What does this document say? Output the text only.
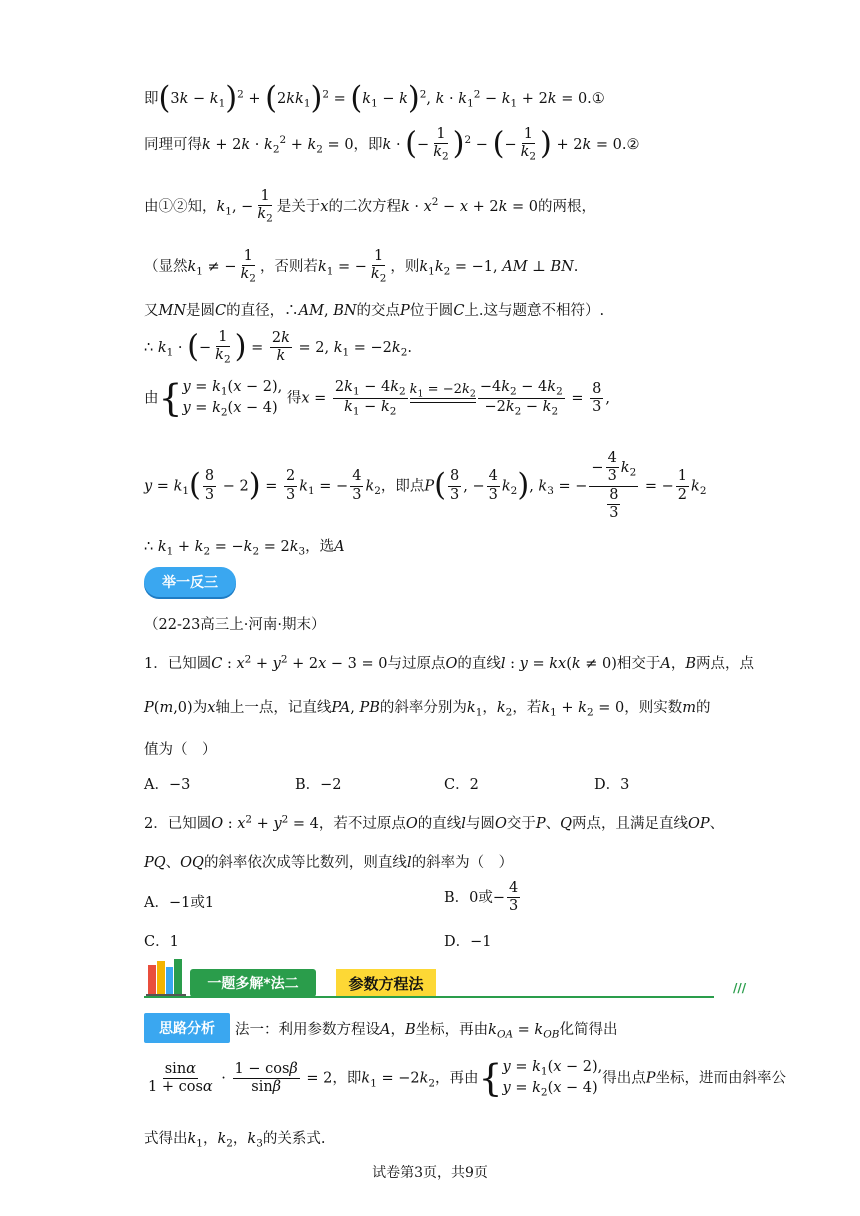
即$(3k - k_1)^2 + (2kk_1)^2 = (k_1 - k)^2$, $k \cdot k_1^2 - k_1 + 2k$ = 0.①
同理可得$k + 2k \cdot k_2^2 + k_2 = 0$，即k · (− $\frac{1}{k_2} )^2$ − (− $\frac{1}{k_2}$ ) + 2k = 0.②
由①②知，$k_1$, − $\frac{1}{k_2}$ 是关于x的二次方程$k \cdot x^2 - x + 2k = 0$的两根，
（显然$k_1$ ≠ − $\frac{1}{k_2}$ ，否则若$k_1$ = − $\frac{1}{k_2}$ ，则$k_1k_2 = -1$, AM ⊥ BN.
又MN是圆C的直径，∴AM, BN的交点P位于圆C上.这与题意不相符）.
∴ $k_1$ · (− $\frac{1}{k_2}$ ) = $\frac{2k}{k} = 2$, $k_1 = -2k_2$.
由{ $y = k_1(x - 2)$,
$y = k_2(x - 4)$
得$x = \frac{2k_1 - 4k_2}{k_1 - k_2} k_1 = -2k_2 \frac{-4k_2 - 4k_2}{-2k_2 - k_2} = \frac{8}{3}$ ,
$y = k_1( \frac{8}{3} - 2) = \frac{2}{3} k_1$ = − $\frac{4}{3} k_2$，即点$P( \frac{8}{3}$ , − $\frac{4}{3} k_2$), $k_3$ = − $\frac{- \frac{4}{3} k_2}{\frac{8}{3}}$ = − $\frac{1}{2} k_2$
∴ $k_1 + k_2 = -k_2 = 2k_3$，选A
举一反三
（22-23高三上·河南·期末）
1．已知圆C : $x^2 + y^2 + 2x - 3 = 0$与过原点O的直线l : y = kx(k ≠ 0)相交于A，B两点，点
P(m,0)为x轴上一点，记直线PA, PB的斜率分别为$k_1$，$k_2$，若$k_1 + k_2 = 0$，则实数m的
值为（　）
A．−3	B．−2	C．2	D．3
2．已知圆O : $x^2 + y^2 = 4$，若不过原点O的直线l与圆O交于P、Q两点，且满足直线OP、
PQ、OQ的斜率依次成等比数列，则直线l的斜率为（　）
A．−1或1	B．0或− $\frac{4}{3}$
C．1	D．−1
一题多解*法二	参数方程法	///
思路分析	法一：利用参数方程设A，B坐标，再由$k_{OA} = k_{OB}$化简得出
$\frac{\sin\alpha}{1 + \cos\alpha} \cdot \frac{1 - \cos\beta}{\sin\beta} = 2$，即$k_1 = -2k_2$，再由{ $y = k_1(x - 2)$,
$y = k_2(x - 4)$
得出点P坐标，进而由斜率公
式得出$k_1$，$k_2$，$k_3$的关系式.
试卷第3页，共9页
